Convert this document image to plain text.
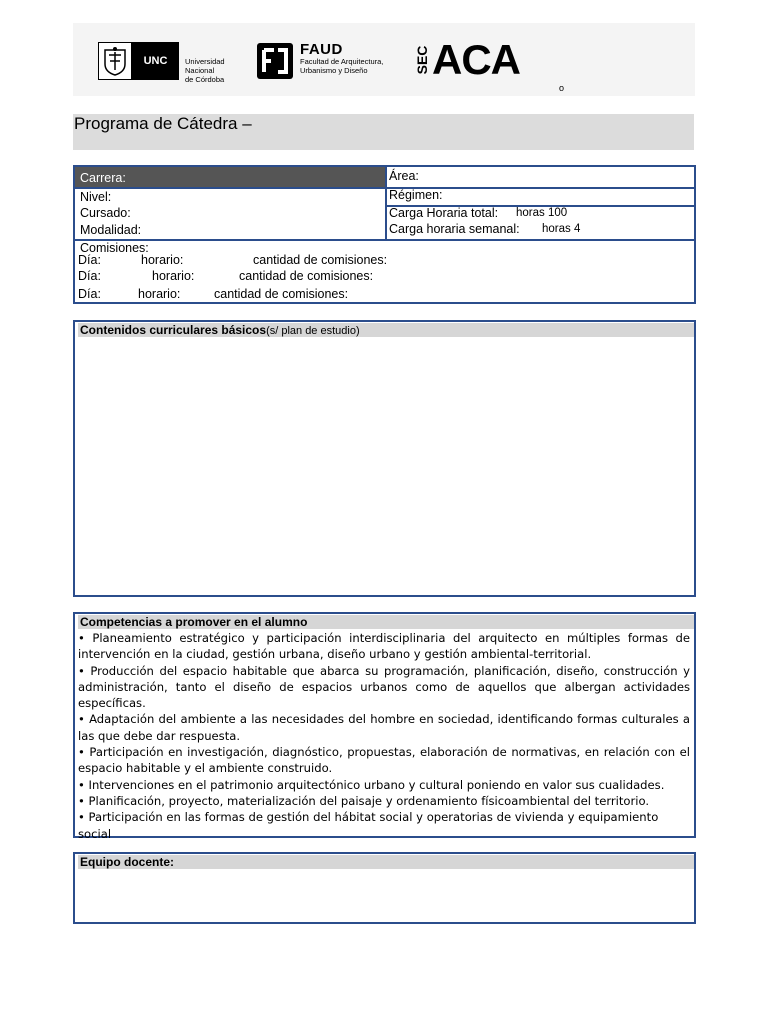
UNC	Universidad
Nacional
de Córdoba
FAUD
Facultad de Arquitectura,
Urbanismo y Diseño	SEC ACA
o
Programa de Cátedra –
Carrera:	Área:
Nivel:	Régimen:
Cursado:	Carga Horaria total: horas 100
Modalidad:	Carga horaria semanal: horas 4
Comisiones:
Día:	horario:	cantidad de comisiones:
Día:	horario:	cantidad de comisiones:
Día:	horario:	cantidad de comisiones:
Contenidos curriculares básicos(s/ plan de estudio)
Competencias a promover en el alumno

• Planeamiento estratégico y participación interdisciplinaria del arquitecto en múltiples formas de intervención en la ciudad, gestión urbana, diseño urbano y gestión ambiental-territorial.

• Producción del espacio habitable que abarca su programación, planificación, diseño, construcción y administración, tanto el diseño de espacios urbanos como de aquellos que albergan actividades específicas.

• Adaptación del ambiente a las necesidades del hombre en sociedad, identificando formas culturales a las que debe dar respuesta.

• Participación en investigación, diagnóstico, propuestas, elaboración de normativas, en relación con el espacio habitable y el ambiente construido.

• Intervenciones en el patrimonio arquitectónico urbano y cultural poniendo en valor sus cualidades.

• Planificación, proyecto, materialización del paisaje y ordenamiento físicoambiental del territorio.

• Participación en las formas de gestión del hábitat social y operatorias de vivienda y equipamiento social

Equipo docente:
